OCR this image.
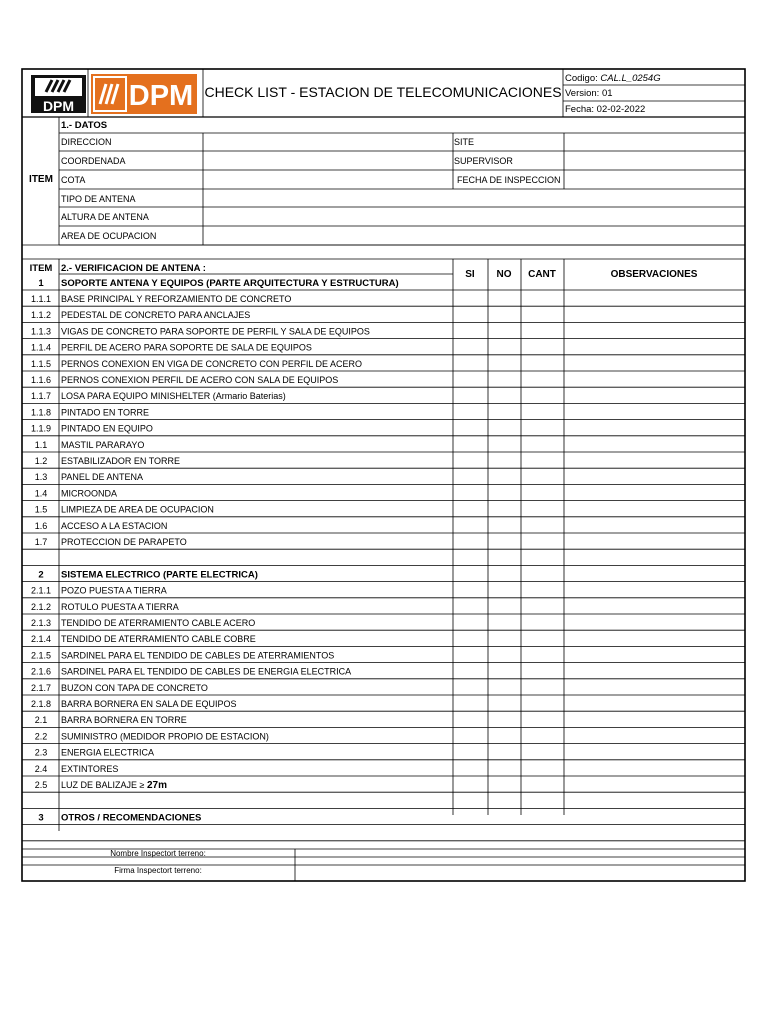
DPM DPM CHECK LIST - ESTACION DE TELECOMUNICACIONES
Codigo: CAL.L_0254G
Version: 01
Fecha: 02-02-2022
ITEM
1.- DATOS
DIRECCION
COORDENADA
COTA
TIPO DE ANTENA
ALTURA DE ANTENA
AREA DE OCUPACION
SITE
SUPERVISOR
FECHA DE INSPECCION
ITEM 2.- VERIFICACION DE ANTENA :
SI NO CANT	OBSERVACIONES
1 SOPORTE ANTENA Y EQUIPOS (PARTE ARQUITECTURA Y ESTRUCTURA)
1.1.1 BASE PRINCIPAL Y REFORZAMIENTO DE CONCRETO
1.1.2 PEDESTAL DE CONCRETO PARA ANCLAJES
1.1.3 VIGAS DE CONCRETO PARA SOPORTE DE PERFIL Y SALA DE EQUIPOS
1.1.4 PERFIL DE ACERO PARA SOPORTE DE SALA DE EQUIPOS
1.1.5 PERNOS CONEXION EN VIGA DE CONCRETO CON PERFIL DE ACERO
1.1.6 PERNOS CONEXION PERFIL DE ACERO CON SALA DE EQUIPOS
1.1.7 LOSA PARA EQUIPO MINISHELTER (Armario Baterias)
1.1.8 PINTADO EN TORRE
1.1.9 PINTADO EN EQUIPO
1.1 MASTIL PARARAYO
1.2 ESTABILIZADOR EN TORRE
1.3 PANEL DE ANTENA
1.4 MICROONDA
1.5 LIMPIEZA DE AREA DE OCUPACION
1.6 ACCESO A LA ESTACION
1.7 PROTECCION DE PARAPETO
2 SISTEMA ELECTRICO (PARTE ELECTRICA)
2.1.1 POZO PUESTA A TIERRA
2.1.2 ROTULO PUESTA A TIERRA
2.1.3 TENDIDO DE ATERRAMIENTO CABLE ACERO
2.1.4 TENDIDO DE ATERRAMIENTO CABLE COBRE
2.1.5 SARDINEL PARA EL TENDIDO DE CABLES DE ATERRAMIENTOS
2.1.6 SARDINEL PARA EL TENDIDO DE CABLES DE ENERGIA ELECTRICA
2.1.7 BUZON CON TAPA DE CONCRETO
2.1.8 BARRA BORNERA EN SALA DE EQUIPOS
2.1 BARRA BORNERA EN TORRE
2.2 SUMINISTRO (MEDIDOR PROPIO DE ESTACION)
2.3 ENERGIA ELECTRICA
2.4 EXTINTORES
2.5 LUZ DE BALIZAJE ≥ 27m
3 OTROS / RECOMENDACIONES
Nombre Inspectort terreno:
Firma Inspectort terreno:
